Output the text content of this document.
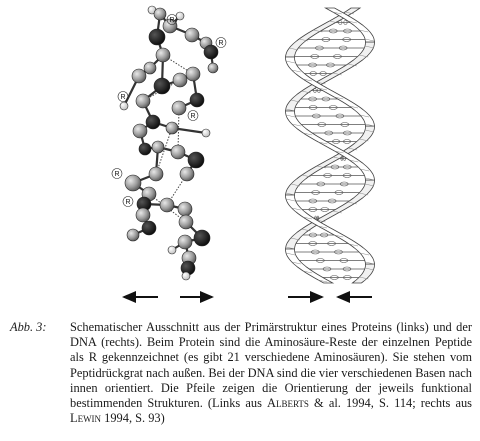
R
R
R
R
R
R
Abb. 3:	Schematischer Ausschnitt aus der Primärstruktur eines Proteins (links) und der DNA (rechts). Beim Protein sind die Aminosäure-Reste der einzelnen Peptide als R gekennzeichnet (es gibt 21 verschiedene Aminosäuren). Sie stehen vom Peptidrückgrat nach außen. Bei der DNA sind die vier verschiedenen Basen nach innen orientiert. Die Pfeile zeigen die Orientierung der jeweils funktional bestimmenden Strukturen. (Links aus Alberts & al. 1994, S. 114; rechts aus Lewin 1994, S. 93)
